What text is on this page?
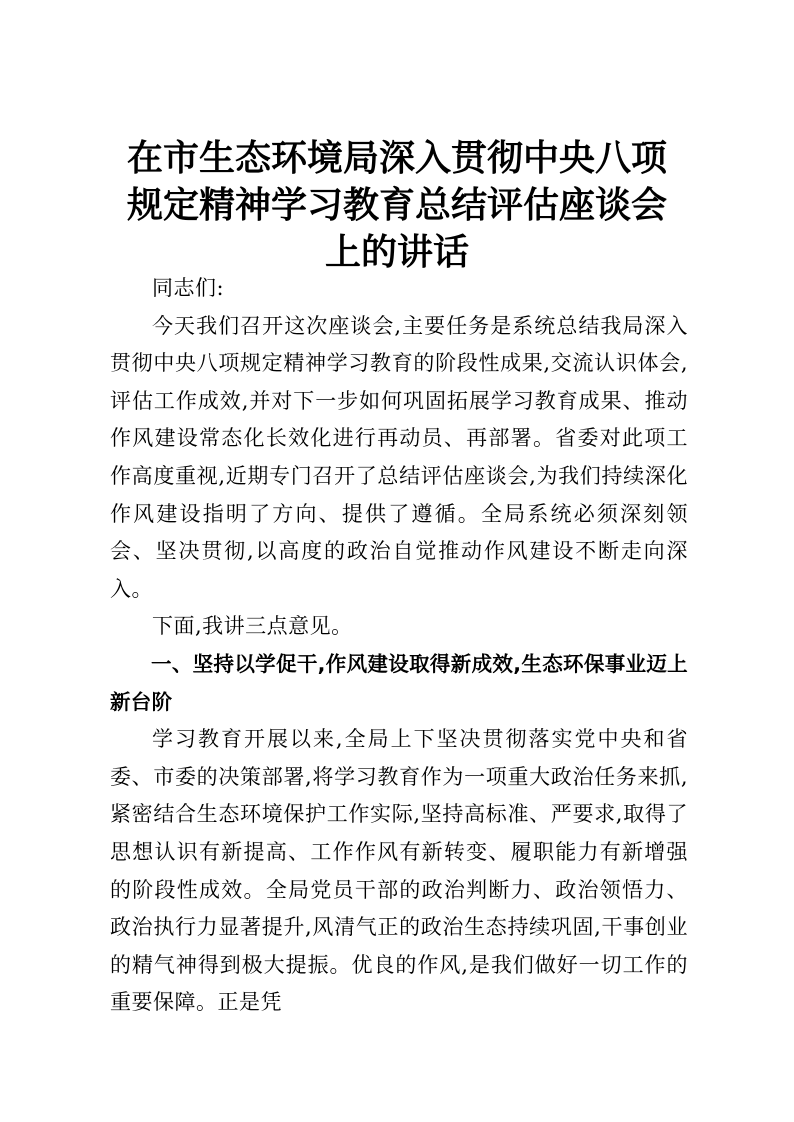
在市生态环境局深入贯彻中央八项规定精神学习教育总结评估座谈会上的讲话

同志们:

今天我们召开这次座谈会,主要任务是系统总结我局深入贯彻中央八项规定精神学习教育的阶段性成果,交流认识体会,评估工作成效,并对下一步如何巩固拓展学习教育成果、推动作风建设常态化长效化进行再动员、再部署。省委对此项工作高度重视,近期专门召开了总结评估座谈会,为我们持续深化作风建设指明了方向、提供了遵循。全局系统必须深刻领会、坚决贯彻,以高度的政治自觉推动作风建设不断走向深入。

下面,我讲三点意见。

一、坚持以学促干,作风建设取得新成效,生态环保事业迈上新台阶

学习教育开展以来,全局上下坚决贯彻落实党中央和省委、市委的决策部署,将学习教育作为一项重大政治任务来抓,紧密结合生态环境保护工作实际,坚持高标准、严要求,取得了思想认识有新提高、工作作风有新转变、履职能力有新增强的阶段性成效。全局党员干部的政治判断力、政治领悟力、政治执行力显著提升,风清气正的政治生态持续巩固,干事创业的精气神得到极大提振。优良的作风,是我们做好一切工作的重要保障。正是凭
